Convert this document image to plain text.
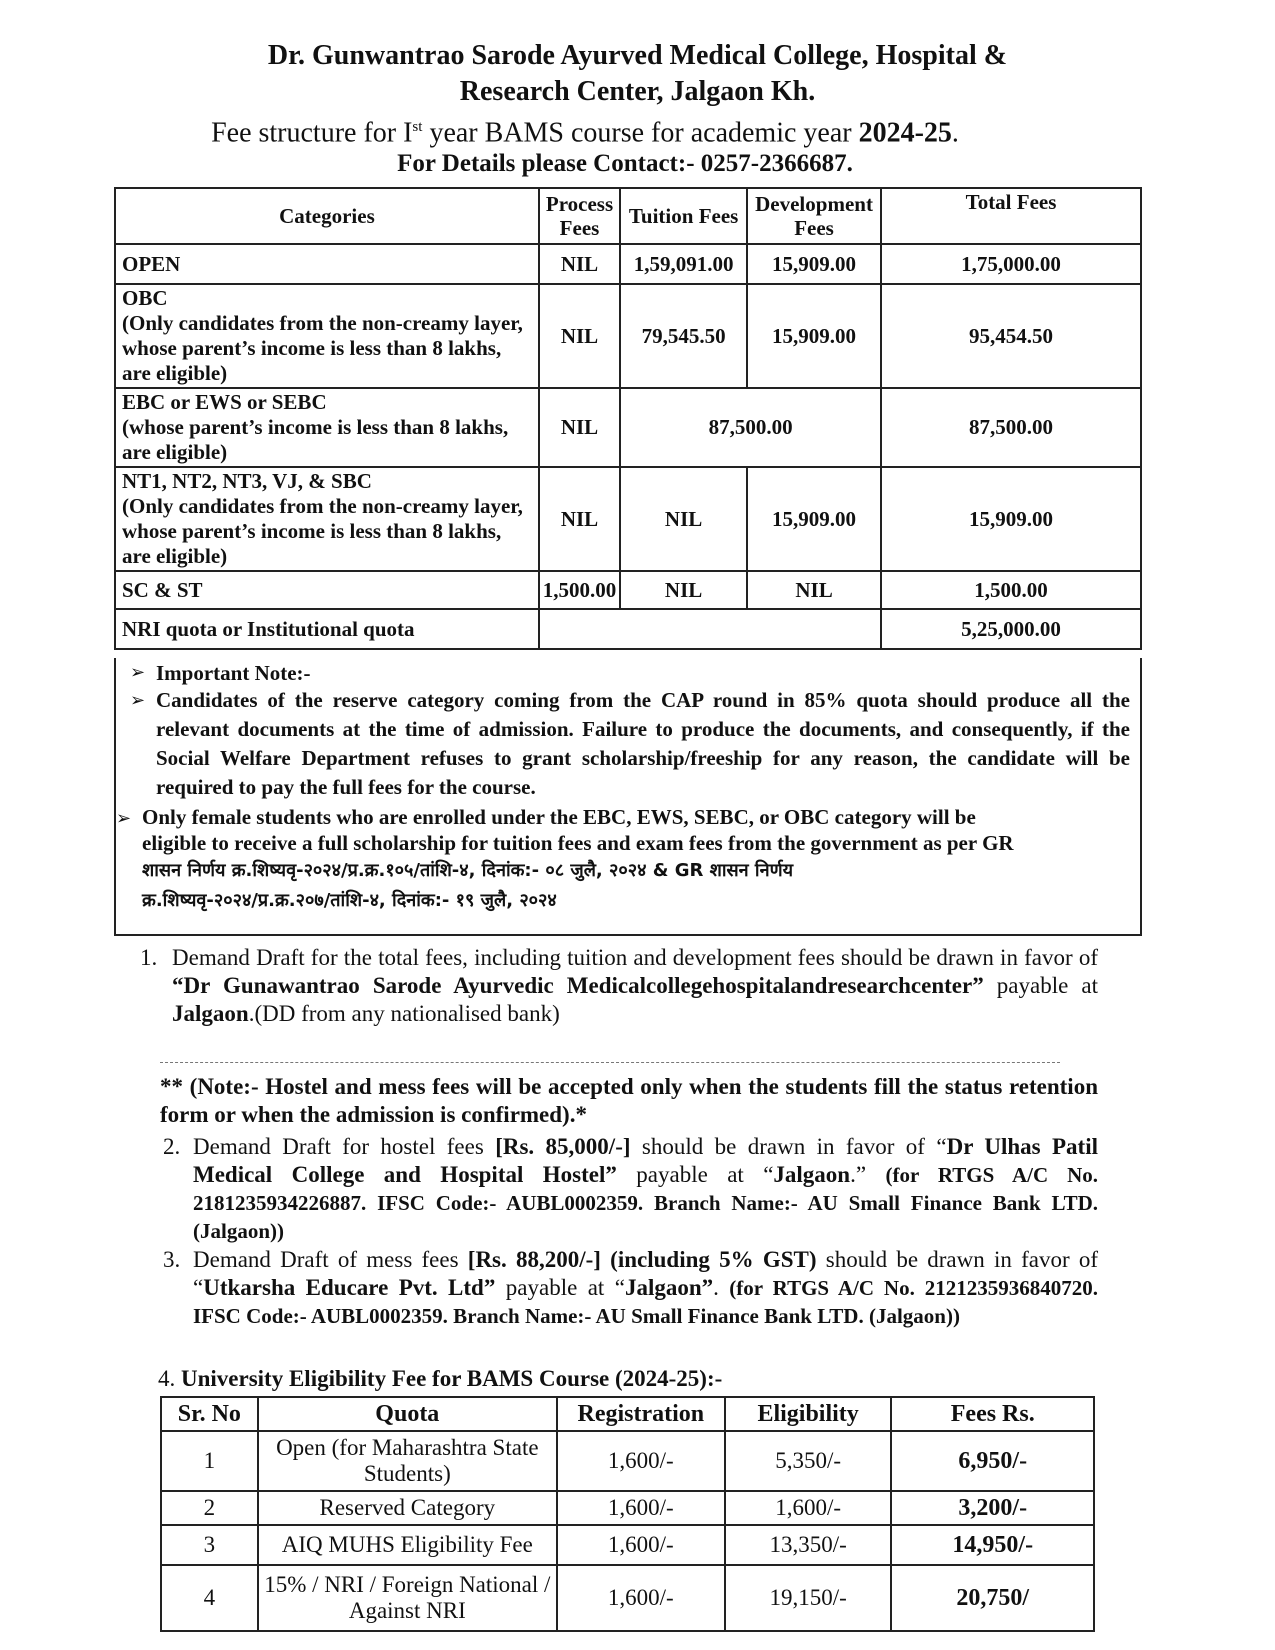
Dr. Gunwantrao Sarode Ayurved Medical College, Hospital &
Research Center, Jalgaon Kh.
Fee structure for Ist year BAMS course for academic year 2024-25.
For Details please Contact:- 0257-2366687.
Categories	Process Fees	Tuition Fees	Development Fees	Total Fees
OPEN	NIL	1,59,091.00	15,909.00	1,75,000.00

OBC
(Only candidates from the non-creamy layer, whose parent’s income is less than 8 lakhs, are eligible)	NIL	79,545.50	15,909.00	95,454.50

EBC or EWS or SEBC
(whose parent’s income is less than 8 lakhs, are eligible)	NIL	87,500.00		87,500.00

NT1, NT2, NT3, VJ, & SBC
(Only candidates from the non-creamy layer, whose parent’s income is less than 8 lakhs, are eligible)	NIL	NIL	15,909.00	15,909.00
SC & ST	1,500.00	NIL	NIL	1,500.00
NRI quota or Institutional quota				5,25,000.00
➢ Important Note:-
➢ Candidates of the reserve category coming from the CAP round in 85% quota should produce all the relevant documents at the time of admission. Failure to produce the documents, and consequently, if the Social Welfare Department refuses to grant scholarship/freeship for any reason, the candidate will be required to pay the full fees for the course.
➢ Only female students who are enrolled under the EBC, EWS, SEBC, or OBC category will be
eligible to receive a full scholarship for tuition fees and exam fees from the government as per GR
शासन निर्णय क्र.शिष्यवृ-२०२४/प्र.क्र.१०५/तांशि-४, दिनांक:- ०८ जुलै, २०२४ & GR शासन निर्णय
क्र.शिष्यवृ-२०२४/प्र.क्र.२०७/तांशि-४, दिनांक:- १९ जुलै, २०२४
1. Demand Draft for the total fees, including tuition and development fees should be drawn in favor of “Dr Gunawantrao Sarode Ayurvedic Medicalcollegehospitalandresearchcenter” payable at Jalgaon.(DD from any nationalised bank)
** (Note:- Hostel and mess fees will be accepted only when the students fill the status retention form or when the admission is confirmed).*
2. Demand Draft for hostel fees [Rs. 85,000/-] should be drawn in favor of “Dr Ulhas Patil Medical College and Hospital Hostel” payable at “Jalgaon.” (for RTGS A/C No. 2181235934226887. IFSC Code:- AUBL0002359. Branch Name:- AU Small Finance Bank LTD. (Jalgaon))
3. Demand Draft of mess fees [Rs. 88,200/-] (including 5% GST) should be drawn in favor of “Utkarsha Educare Pvt. Ltd” payable at “Jalgaon”. (for RTGS A/C No. 2121235936840720. IFSC Code:- AUBL0002359. Branch Name:- AU Small Finance Bank LTD. (Jalgaon))
4. University Eligibility Fee for BAMS Course (2024-25):-
Sr. No	Quota	Registration	Eligibility	Fees Rs.
1	Open (for Maharashtra State Students)	1,600/-	5,350/-	6,950/-
2	Reserved Category	1,600/-	1,600/-	3,200/-
3	AIQ MUHS Eligibility Fee	1,600/-	13,350/-	14,950/-
4	15% / NRI / Foreign National / Against NRI	1,600/-	19,150/-	20,750/
